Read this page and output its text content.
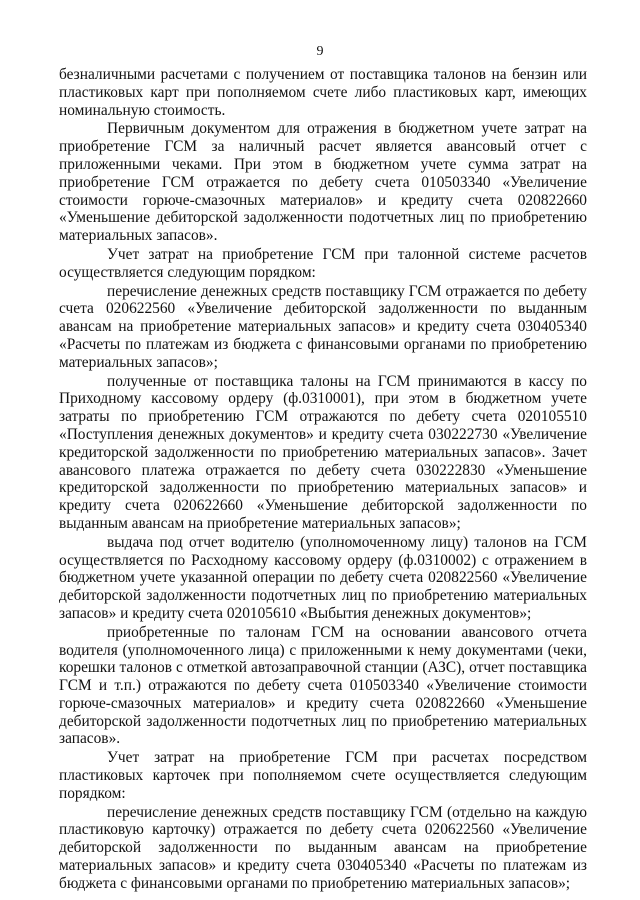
9

безналичными расчетами с получением от поставщика талонов на бензин или пластиковых карт при пополняемом счете либо пластиковых карт, имеющих номинальную стоимость.

Первичным документом для отражения в бюджетном учете затрат на приобретение ГСМ за наличный расчет является авансовый отчет с приложенными чеками. При этом в бюджетном учете сумма затрат на приобретение ГСМ отражается по дебету счета 010503340 «Увеличение стоимости горюче-смазочных материалов» и кредиту счета 020822660 «Уменьшение дебиторской задолженности подотчетных лиц по приобретению материальных запасов».

Учет затрат на приобретение ГСМ при талонной системе расчетов осуществляется следующим порядком:

перечисление денежных средств поставщику ГСМ отражается по дебету счета 020622560 «Увеличение дебиторской задолженности по выданным авансам на приобретение материальных запасов» и кредиту счета 030405340 «Расчеты по платежам из бюджета с финансовыми органами по приобретению материальных запасов»;

полученные от поставщика талоны на ГСМ принимаются в кассу по Приходному кассовому ордеру (ф.0310001), при этом в бюджетном учете затраты по приобретению ГСМ отражаются по дебету счета 020105510 «Поступления денежных документов» и кредиту счета 030222730 «Увеличение кредиторской задолженности по приобретению материальных запасов». Зачет авансового платежа отражается по дебету счета 030222830 «Уменьшение кредиторской задолженности по приобретению материальных запасов» и кредиту счета 020622660 «Уменьшение дебиторской задолженности по выданным авансам на приобретение материальных запасов»;

выдача под отчет водителю (уполномоченному лицу) талонов на ГСМ осуществляется по Расходному кассовому ордеру (ф.0310002) с отражением в бюджетном учете указанной операции по дебету счета 020822560 «Увеличение дебиторской задолженности подотчетных лиц по приобретению материальных запасов» и кредиту счета 020105610 «Выбытия денежных документов»;

приобретенные по талонам ГСМ на основании авансового отчета водителя (уполномоченного лица) с приложенными к нему документами (чеки, корешки талонов с отметкой автозаправочной станции (АЗС), отчет поставщика ГСМ и т.п.) отражаются по дебету счета 010503340 «Увеличение стоимости горюче-смазочных материалов» и кредиту счета 020822660 «Уменьшение дебиторской задолженности подотчетных лиц по приобретению материальных запасов».

Учет затрат на приобретение ГСМ при расчетах посредством пластиковых карточек при пополняемом счете осуществляется следующим порядком:

перечисление денежных средств поставщику ГСМ (отдельно на каждую пластиковую карточку) отражается по дебету счета 020622560 «Увеличение дебиторской задолженности по выданным авансам на приобретение материальных запасов» и кредиту счета 030405340 «Расчеты по платежам из бюджета с финансовыми органами по приобретению материальных запасов»;
